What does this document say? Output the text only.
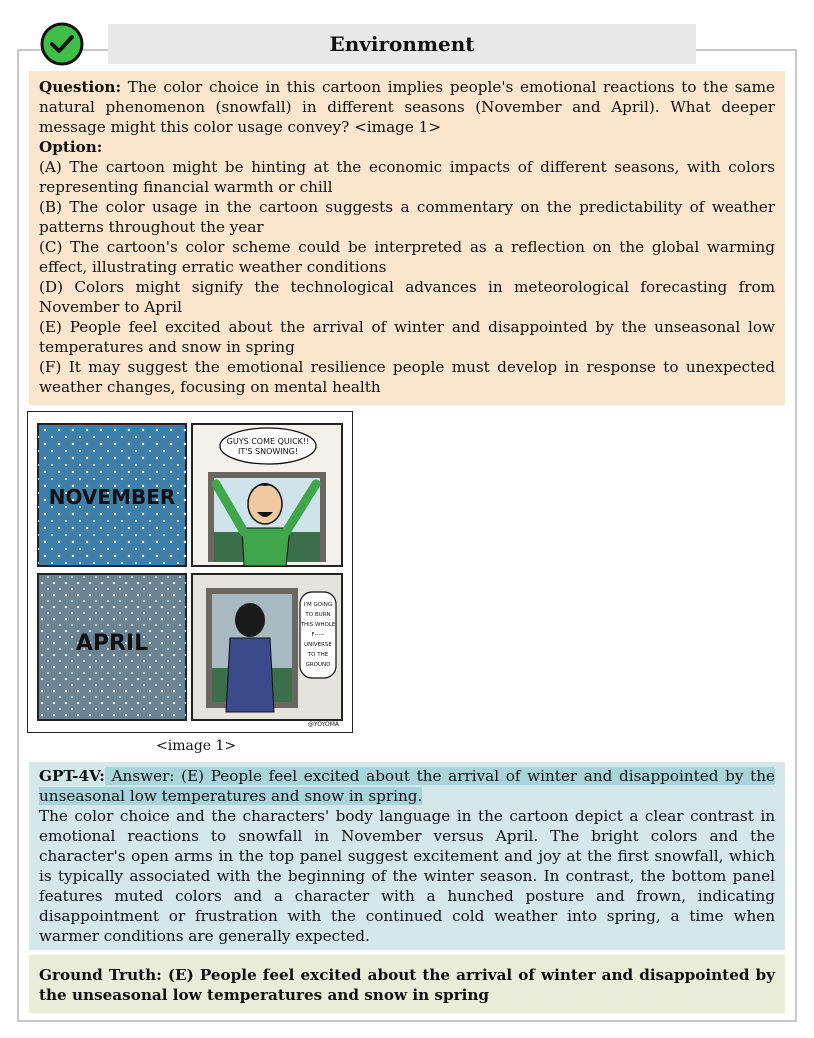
Environment

Question: The color choice in this cartoon implies people's emotional reactions to the same natural phenomenon (snowfall) in different seasons (November and April). What deeper message might this color usage convey? <image 1>

Option:

(A) The cartoon might be hinting at the economic impacts of different seasons, with colors representing financial warmth or chill

(B) The color usage in the cartoon suggests a commentary on the predictability of weather patterns throughout the year

(C) The cartoon's color scheme could be interpreted as a reflection on the global warming effect, illustrating erratic weather conditions

(D) Colors might signify the technological advances in meteorological forecasting from November to April

(E) People feel excited about the arrival of winter and disappointed by the unseasonal low temperatures and snow in spring

(F) It may suggest the emotional resilience people must develop in response to unexpected weather changes, focusing on mental health

NOVEMBER
GUYS COME QUICK!!
IT'S SNOWING!
APRIL
I'M GOING
TO BURN
THIS WHOLE
F-----
UNIVERSE
TO THE
GROUND
@YOYOMA
<image 1>

GPT-4V: Answer: (E) People feel excited about the arrival of winter and disappointed by the unseasonal low temperatures and snow in spring.

The color choice and the characters' body language in the cartoon depict a clear contrast in emotional reactions to snowfall in November versus April. The bright colors and the character's open arms in the top panel suggest excitement and joy at the first snowfall, which is typically associated with the beginning of the winter season. In contrast, the bottom panel features muted colors and a character with a hunched posture and frown, indicating disappointment or frustration with the continued cold weather into spring, a time when warmer conditions are generally expected.

Ground Truth: (E) People feel excited about the arrival of winter and disappointed by the unseasonal low temperatures and snow in spring
